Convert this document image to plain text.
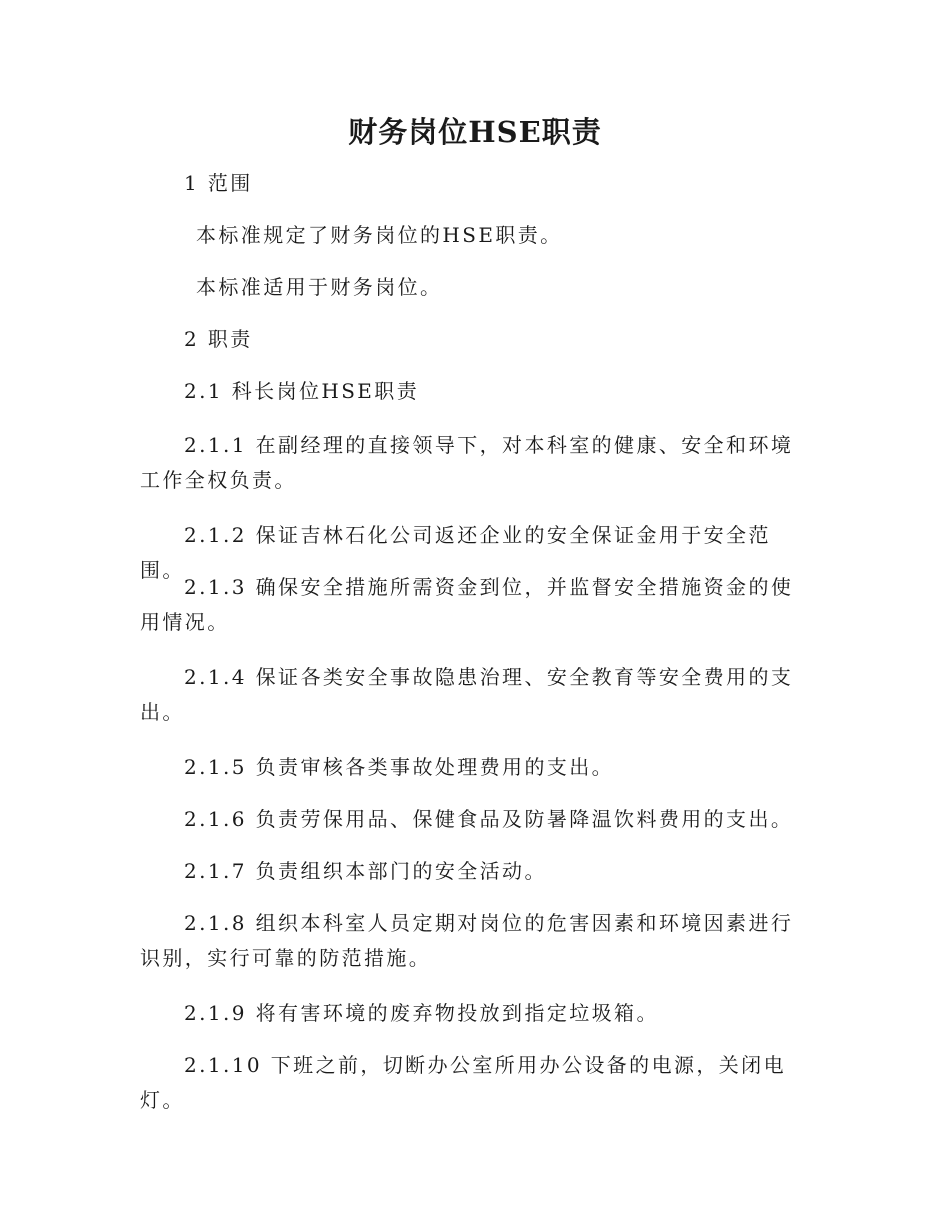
财务岗位HSE职责

1 范围

本标准规定了财务岗位的HSE职责。

本标准适用于财务岗位。

2 职责

2.1 科长岗位HSE职责

2.1.1 在副经理的直接领导下，对本科室的健康、安全和环境工作全权负责。

2.1.2 保证吉林石化公司返还企业的安全保证金用于安全范围。

2.1.3 确保安全措施所需资金到位，并监督安全措施资金的使用情况。

2.1.4 保证各类安全事故隐患治理、安全教育等安全费用的支出。

2.1.5 负责审核各类事故处理费用的支出。

2.1.6 负责劳保用品、保健食品及防暑降温饮料费用的支出。

2.1.7 负责组织本部门的安全活动。

2.1.8 组织本科室人员定期对岗位的危害因素和环境因素进行识别，实行可靠的防范措施。

2.1.9 将有害环境的废弃物投放到指定垃圾箱。

2.1.10 下班之前，切断办公室所用办公设备的电源，关闭电灯。
